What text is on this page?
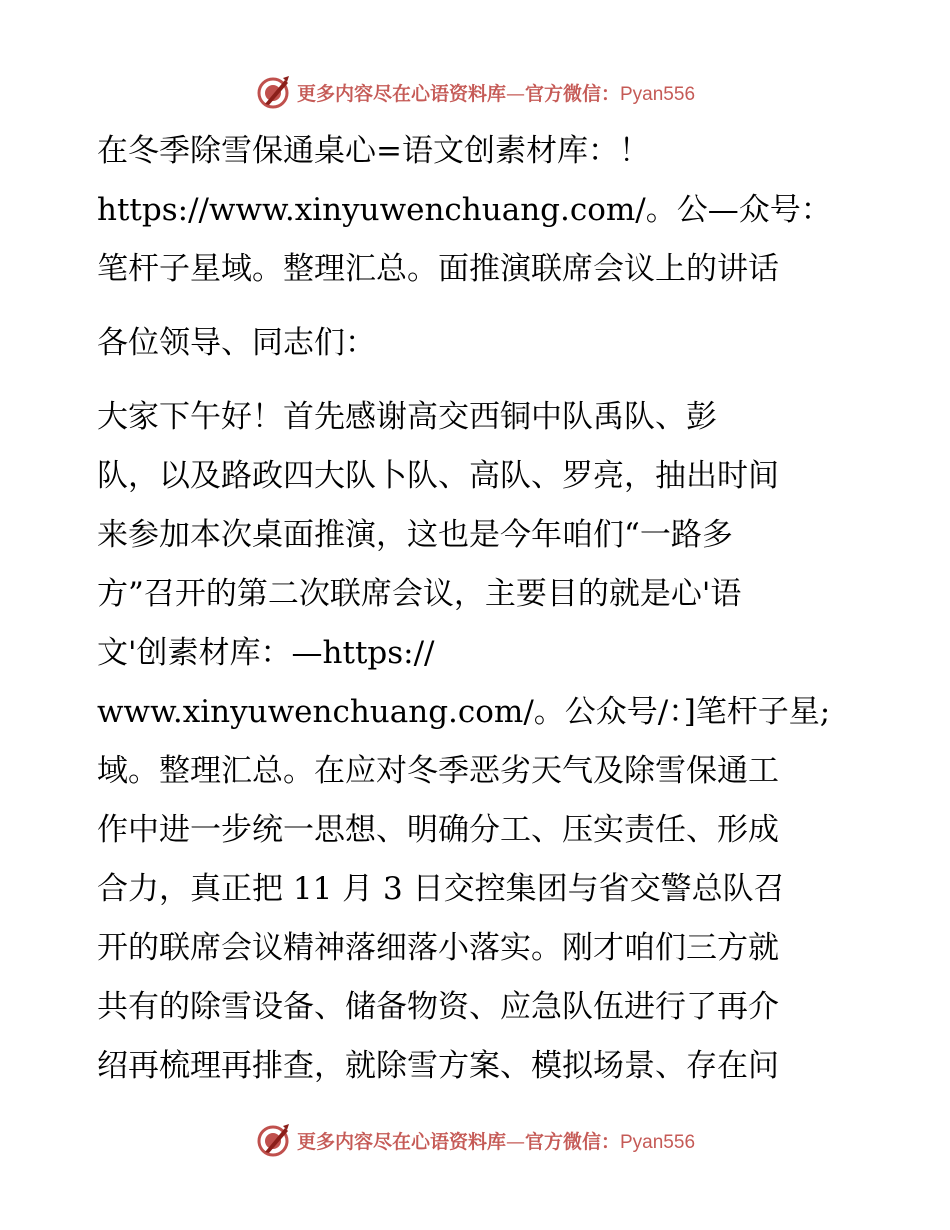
更多内容尽在心语资料库—官方微信：Pyan556
在冬季除雪保通桌心=语文创素材库：！
https://www.xinyuwenchuang.com/。公—众号：
笔杆子星域。整理汇总。面推演联席会议上的讲话
各位领导、同志们：
大家下午好！首先感谢高交西铜中队禹队、彭
队，以及路政四大队卜队、高队、罗亮，抽出时间
来参加本次桌面推演，这也是今年咱们“一路多
方”召开的第二次联席会议，主要目的就是心'语
文'创素材库：—https://
www.xinyuwenchuang.com/。公众号/：]笔杆子星;
域。整理汇总。在应对冬季恶劣天气及除雪保通工
作中进一步统一思想、明确分工、压实责任、形成
合力，真正把 11 月 3 日交控集团与省交警总队召
开的联席会议精神落细落小落实。刚才咱们三方就
共有的除雪设备、储备物资、应急队伍进行了再介
绍再梳理再排查，就除雪方案、模拟场景、存在问
更多内容尽在心语资料库—官方微信：Pyan556
